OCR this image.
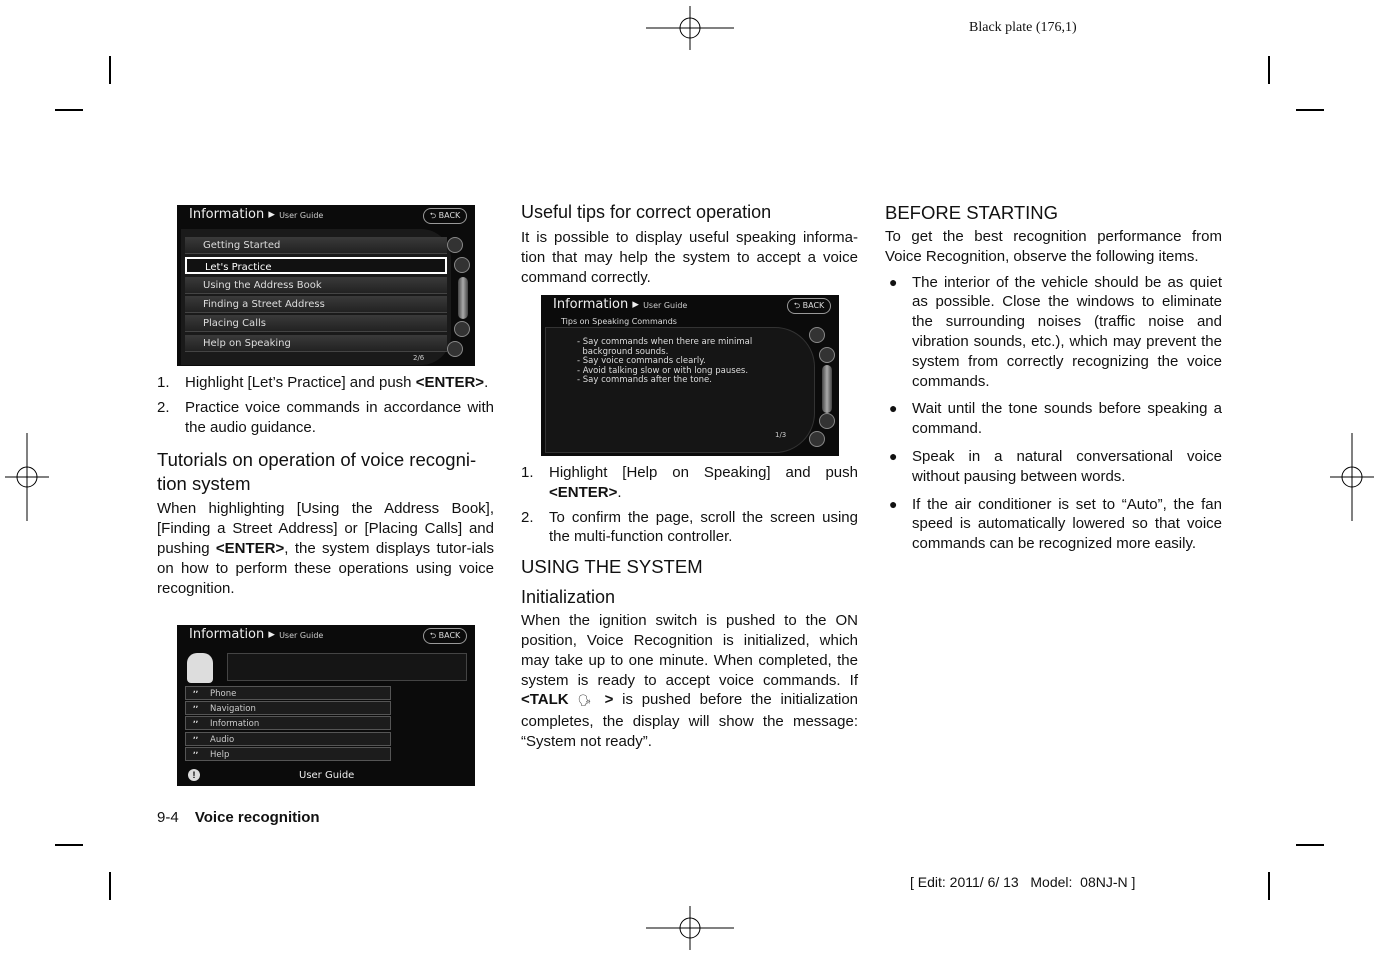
Black plate (176,1)
Information ▸ User Guide	⮌ BACK
Getting Started
Let's Practice
Using the Address Book
Finding a Street Address
Placing Calls
Help on Speaking
2/6
1. Highlight [Let’s Practice] and push <ENTER>.
2. Practice voice commands in accordance with the audio guidance.
Tutorials on operation of voice recogni-tion system

When highlighting [Using the Address Book], [Finding a Street Address] or [Placing Calls] and pushing <ENTER>, the system displays tutor-ials on how to perform these operations using voice recognition.

Information ▸ User Guide	⮌ BACK
ʼʼ Phone
ʼʼ Navigation
ʼʼ Information
ʼʼ Audio
ʼʼ Help
!	User Guide
Useful tips for correct operation

It is possible to display useful speaking informa-tion that may help the system to accept a voice command correctly.

Information ▸ User Guide	⮌ BACK
Tips on Speaking Commands
- Say commands when there are minimal
background sounds.
- Say voice commands clearly.
- Avoid talking slow or with long pauses.
- Say commands after the tone.
1/3
1. Highlight [Help on Speaking] and push <ENTER>.
2. To confirm the page, scroll the screen using the multi-function controller.
USING THE SYSTEM
Initialization

When the ignition switch is pushed to the ON position, Voice Recognition is initialized, which may take up to one minute. When completed, the system is ready to accept voice commands. If <TALK 🗣 > is pushed before the initialization completes, the display will show the message: “System not ready”.

BEFORE STARTING

To get the best recognition performance from Voice Recognition, observe the following items.

● The interior of the vehicle should be as quiet as possible. Close the windows to eliminate the surrounding noises (traffic noise and vibration sounds, etc.), which may prevent the system from correctly recognizing the voice commands.
● Wait until the tone sounds before speaking a command.
● Speak in a natural conversational voice without pausing between words.
● If the air conditioner is set to “Auto”, the fan speed is automatically lowered so that voice commands can be recognized more easily.
9-4 Voice recognition
[ Edit: 2011/ 6/ 13   Model:  08NJ-N ]
